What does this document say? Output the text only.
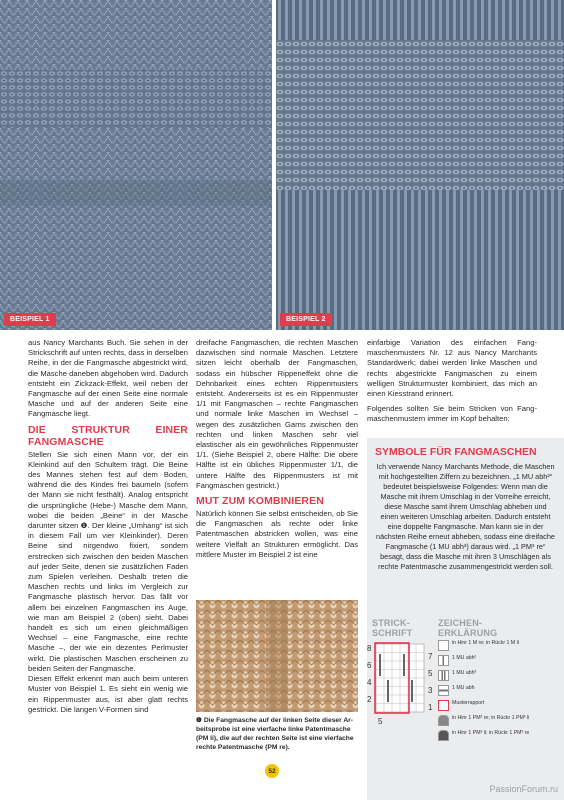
BEISPIEL 1	BEISPIEL 2

aus Nancy Marchants Buch. Sie sehen in der Strickschrift auf unten rechts, dass in derselben Reihe, in der die Fangmasche abgestrickt wird, die Masche daneben abgehoben wird. Dadurch entsteht ein Zickzack-Effekt, weil neben der Fangmasche auf der einen Seite eine normale Masche und auf der anderen Seite eine Fangmasche liegt.

DIE STRUKTUR EINER FANGMASCHE

Stellen Sie sich einen Mann vor, der ein Kleinkind auf den Schultern trägt. Die Beine des Mannes stehen fest auf dem Boden, während die des Kindes frei baumeln (sofern der Mann sie nicht festhält). Analog entspricht die ursprüngliche (Hebe-) Masche dem Mann, wobei die beiden „Beine“ in der Masche darunter sitzen ❶. Der kleine „Umhang“ ist sich in diesem Fall um vier Kleinkinder). Deren Beine sind nirgendwo fixiert, sondern erstrecken sich zwischen den beiden Maschen auf jeder Seite, denen sie zusätzlichen Faden zum Spielen verleihen. Deshalb treten die Maschen rechts und links im Vergleich zur Fangmasche plastisch hervor. Das fällt vor allem bei einzelnen Fangmaschen ins Auge, wie man am Beispiel 2 (oben) sieht. Dabei handelt es sich um einen gleichmäßigen Wechsel – eine Fangmasche, eine rechte Masche –, der wie ein dezentes Perlmuster wirkt. Die plastischen Maschen erscheinen zu beiden Seiten der Fangmasche.

Diesen Effekt erkennt man auch beim unteren Muster von Beispiel 1. Es sieht ein wenig wie ein Rippenmuster aus, ist aber glatt rechts gestrickt. Die langen V-Formen sind

dreifache Fangmaschen, die rechten Maschen dazwischen sind normale Maschen. Letztere sitzen leicht oberhalb der Fangmaschen, sodass ein hübscher Rippeneffekt ohne die Dehnbarkeit eines echten Rippenmusters entsteht. Andererseits ist es ein Rippenmuster 1/1 mit Fangmaschen – rechte Fangmaschen und normale linke Maschen im Wechsel – wegen des zusätzlichen Garns zwischen den rechten und linken Maschen sehr viel elastischer als ein gewöhnliches Rippenmuster 1/1. (Siehe Beispiel 2, obere Hälfte: Die obere Hälfte ist ein übliches Rippenmuster 1/1, die untere Hälfte des Rippenmusters ist mit Fangmaschen gestrickt.)

MUT ZUM KOMBINIEREN

Natürlich können Sie selbst entscheiden, ob Sie die Fangmaschen als rechte oder linke Patentmaschen abstricken wollen, was eine weitere Vielfalt an Strukturen ermöglicht. Das mittlere Muster im Beispiel 2 ist eine

❶ Die Fangmasche auf der linken Seite dieser Arbeitsprobe ist eine vierfache linke Patentmasche (PM li), die auf der rechten Seite ist eine vierfache rechte Patentmasche (PM re).

einfarbige Variation des einfachen Fangmaschenmusters Nr. 12 aus Nancy Marchants Standardwerk; dabei werden linke Maschen und rechts abgestrickte Fangmaschen zu einem welligen Strukturmuster kombiniert, das mich an einen Kiesstrand erinnert.

Folgendes sollten Sie beim Stricken von Fangmaschenmustern immer im Kopf behalten:

SYMBOLE FÜR FANGMASCHEN
Ich verwende Nancy Marchants Methode, die Maschen mit hochgestellten Ziffern zu bezeichnen. „1 MU abh²“ bedeutet beispielsweise Folgendes: Wenn man die Masche mit ihrem Umschlag in der Vorreihe erreicht, diese Masche samt ihrem Umschlag abheben und einen weiteren Umschlag arbeiten. Dadurch entsteht eine doppelte Fangmasche. Man kann sie in der nächsten Reihe erneut abheben, sodass eine dreifache Fangmasche (1 MU abh³) daraus wird. „1 PM³ re“ besagt, dass die Masche mit ihren 3 Umschlägen als rechte Patentmasche zusammengestrickt werden soll.
STRICK-
SCHRIFT
ZEICHEN-
ERKLÄRUNG
8
6
4
2
7
5
3
1
5
in Hinr 1 M re; in Rückr 1 M li
1 MU abh²
1 MU abh³
1 MU abh
Musterrapport
in Hinr 1 PM³ re; in Rückr 1 PM³ li
in Hinr 1 PM³ li; in Rückr 1 PM³ re
52
PassionForum.ru
